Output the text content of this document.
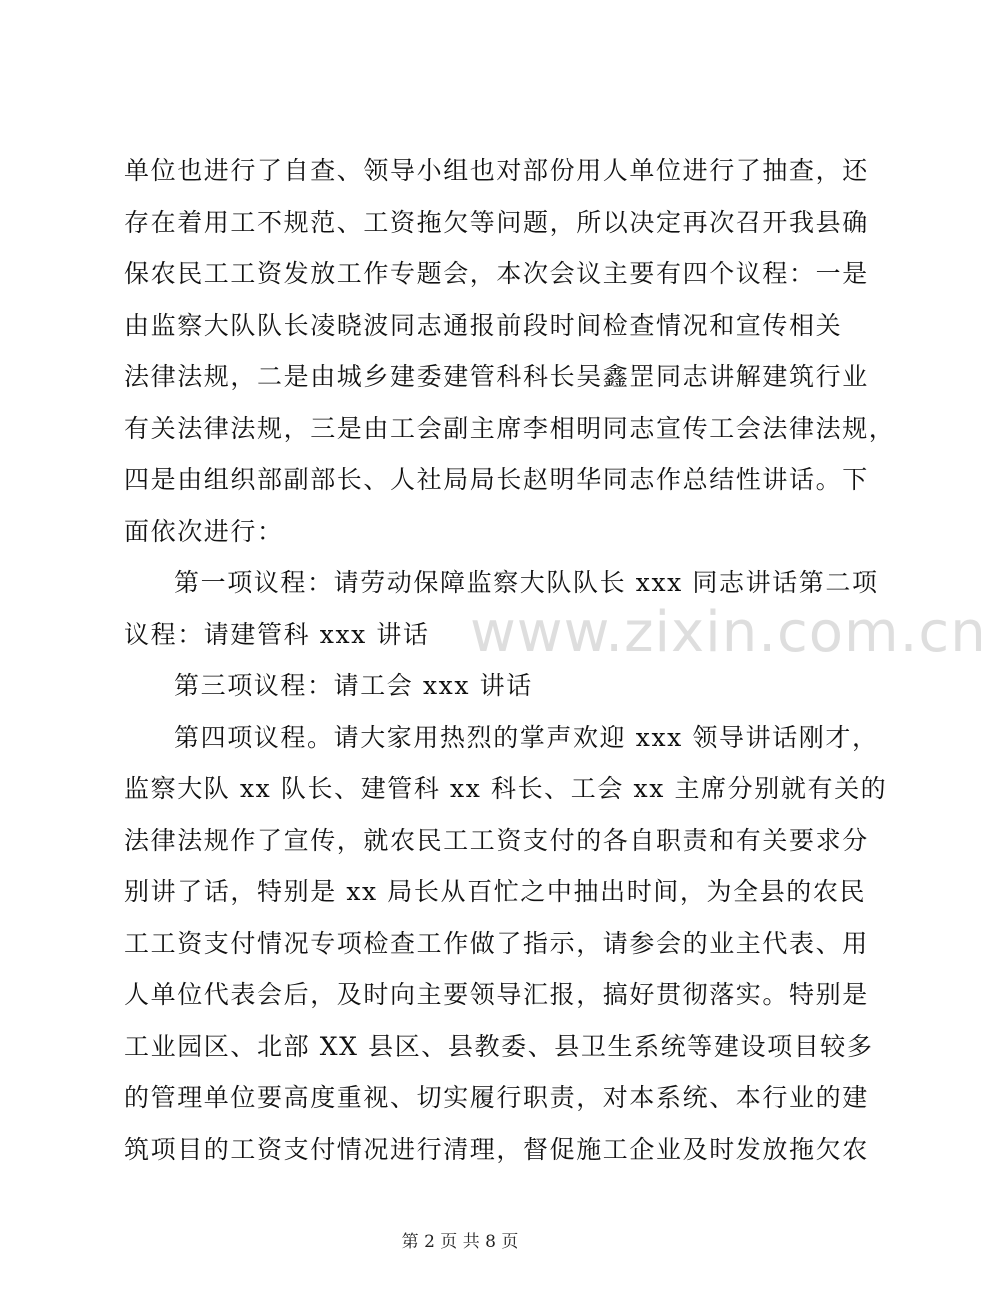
www.zixin.com.cn
单位也进行了自查、领导小组也对部份用人单位进行了抽查，还
存在着用工不规范、工资拖欠等问题，所以决定再次召开我县确
保农民工工资发放工作专题会，本次会议主要有四个议程：一是
由监察大队队长凌晓波同志通报前段时间检查情况和宣传相关
法律法规，二是由城乡建委建管科科长吴鑫罡同志讲解建筑行业
有关法律法规，三是由工会副主席李相明同志宣传工会法律法规，
四是由组织部副部长、人社局局长赵明华同志作总结性讲话。下
面依次进行：
第一项议程：请劳动保障监察大队队长 xxx 同志讲话第二项
议程：请建管科 xxx 讲话
第三项议程：请工会 xxx 讲话
第四项议程。请大家用热烈的掌声欢迎 xxx 领导讲话刚才，
监察大队 xx 队长、建管科 xx 科长、工会 xx 主席分别就有关的
法律法规作了宣传，就农民工工资支付的各自职责和有关要求分
别讲了话，特别是 xx 局长从百忙之中抽出时间，为全县的农民
工工资支付情况专项检查工作做了指示，请参会的业主代表、用
人单位代表会后，及时向主要领导汇报，搞好贯彻落实。特别是
工业园区、北部 XX 县区、县教委、县卫生系统等建设项目较多
的管理单位要高度重视、切实履行职责，对本系统、本行业的建
筑项目的工资支付情况进行清理，督促施工企业及时发放拖欠农
第 2 页 共 8 页
